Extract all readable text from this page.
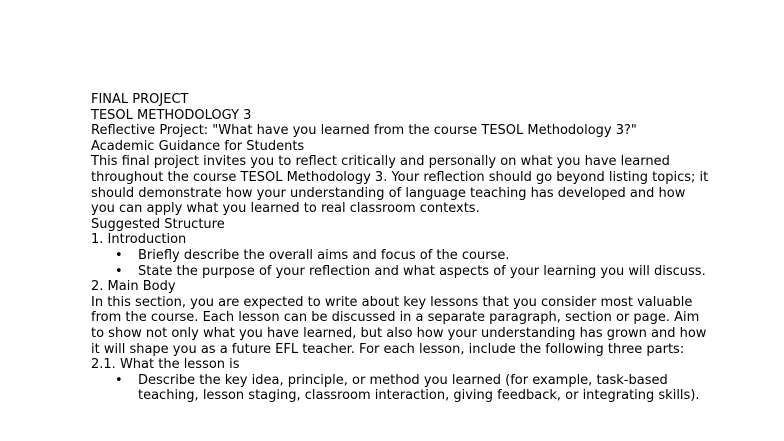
FINAL PROJECT
TESOL METHODOLOGY 3
Reflective Project: "What have you learned from the course TESOL Methodology 3?"
Academic Guidance for Students
This final project invites you to reflect critically and personally on what you have learned throughout the course TESOL Methodology 3. Your reflection should go beyond listing topics; it should demonstrate how your understanding of language teaching has developed and how you can apply what you learned to real classroom contexts.
Suggested Structure
1. Introduction
• Briefly describe the overall aims and focus of the course.
• State the purpose of your reflection and what aspects of your learning you will discuss.
2. Main Body
In this section, you are expected to write about key lessons that you consider most valuable from the course. Each lesson can be discussed in a separate paragraph, section or page. Aim to show not only what you have learned, but also how your understanding has grown and how it will shape you as a future EFL teacher. For each lesson, include the following three parts:
2.1. What the lesson is
• Describe the key idea, principle, or method you learned (for example, task-based teaching, lesson staging, classroom interaction, giving feedback, or integrating skills).
